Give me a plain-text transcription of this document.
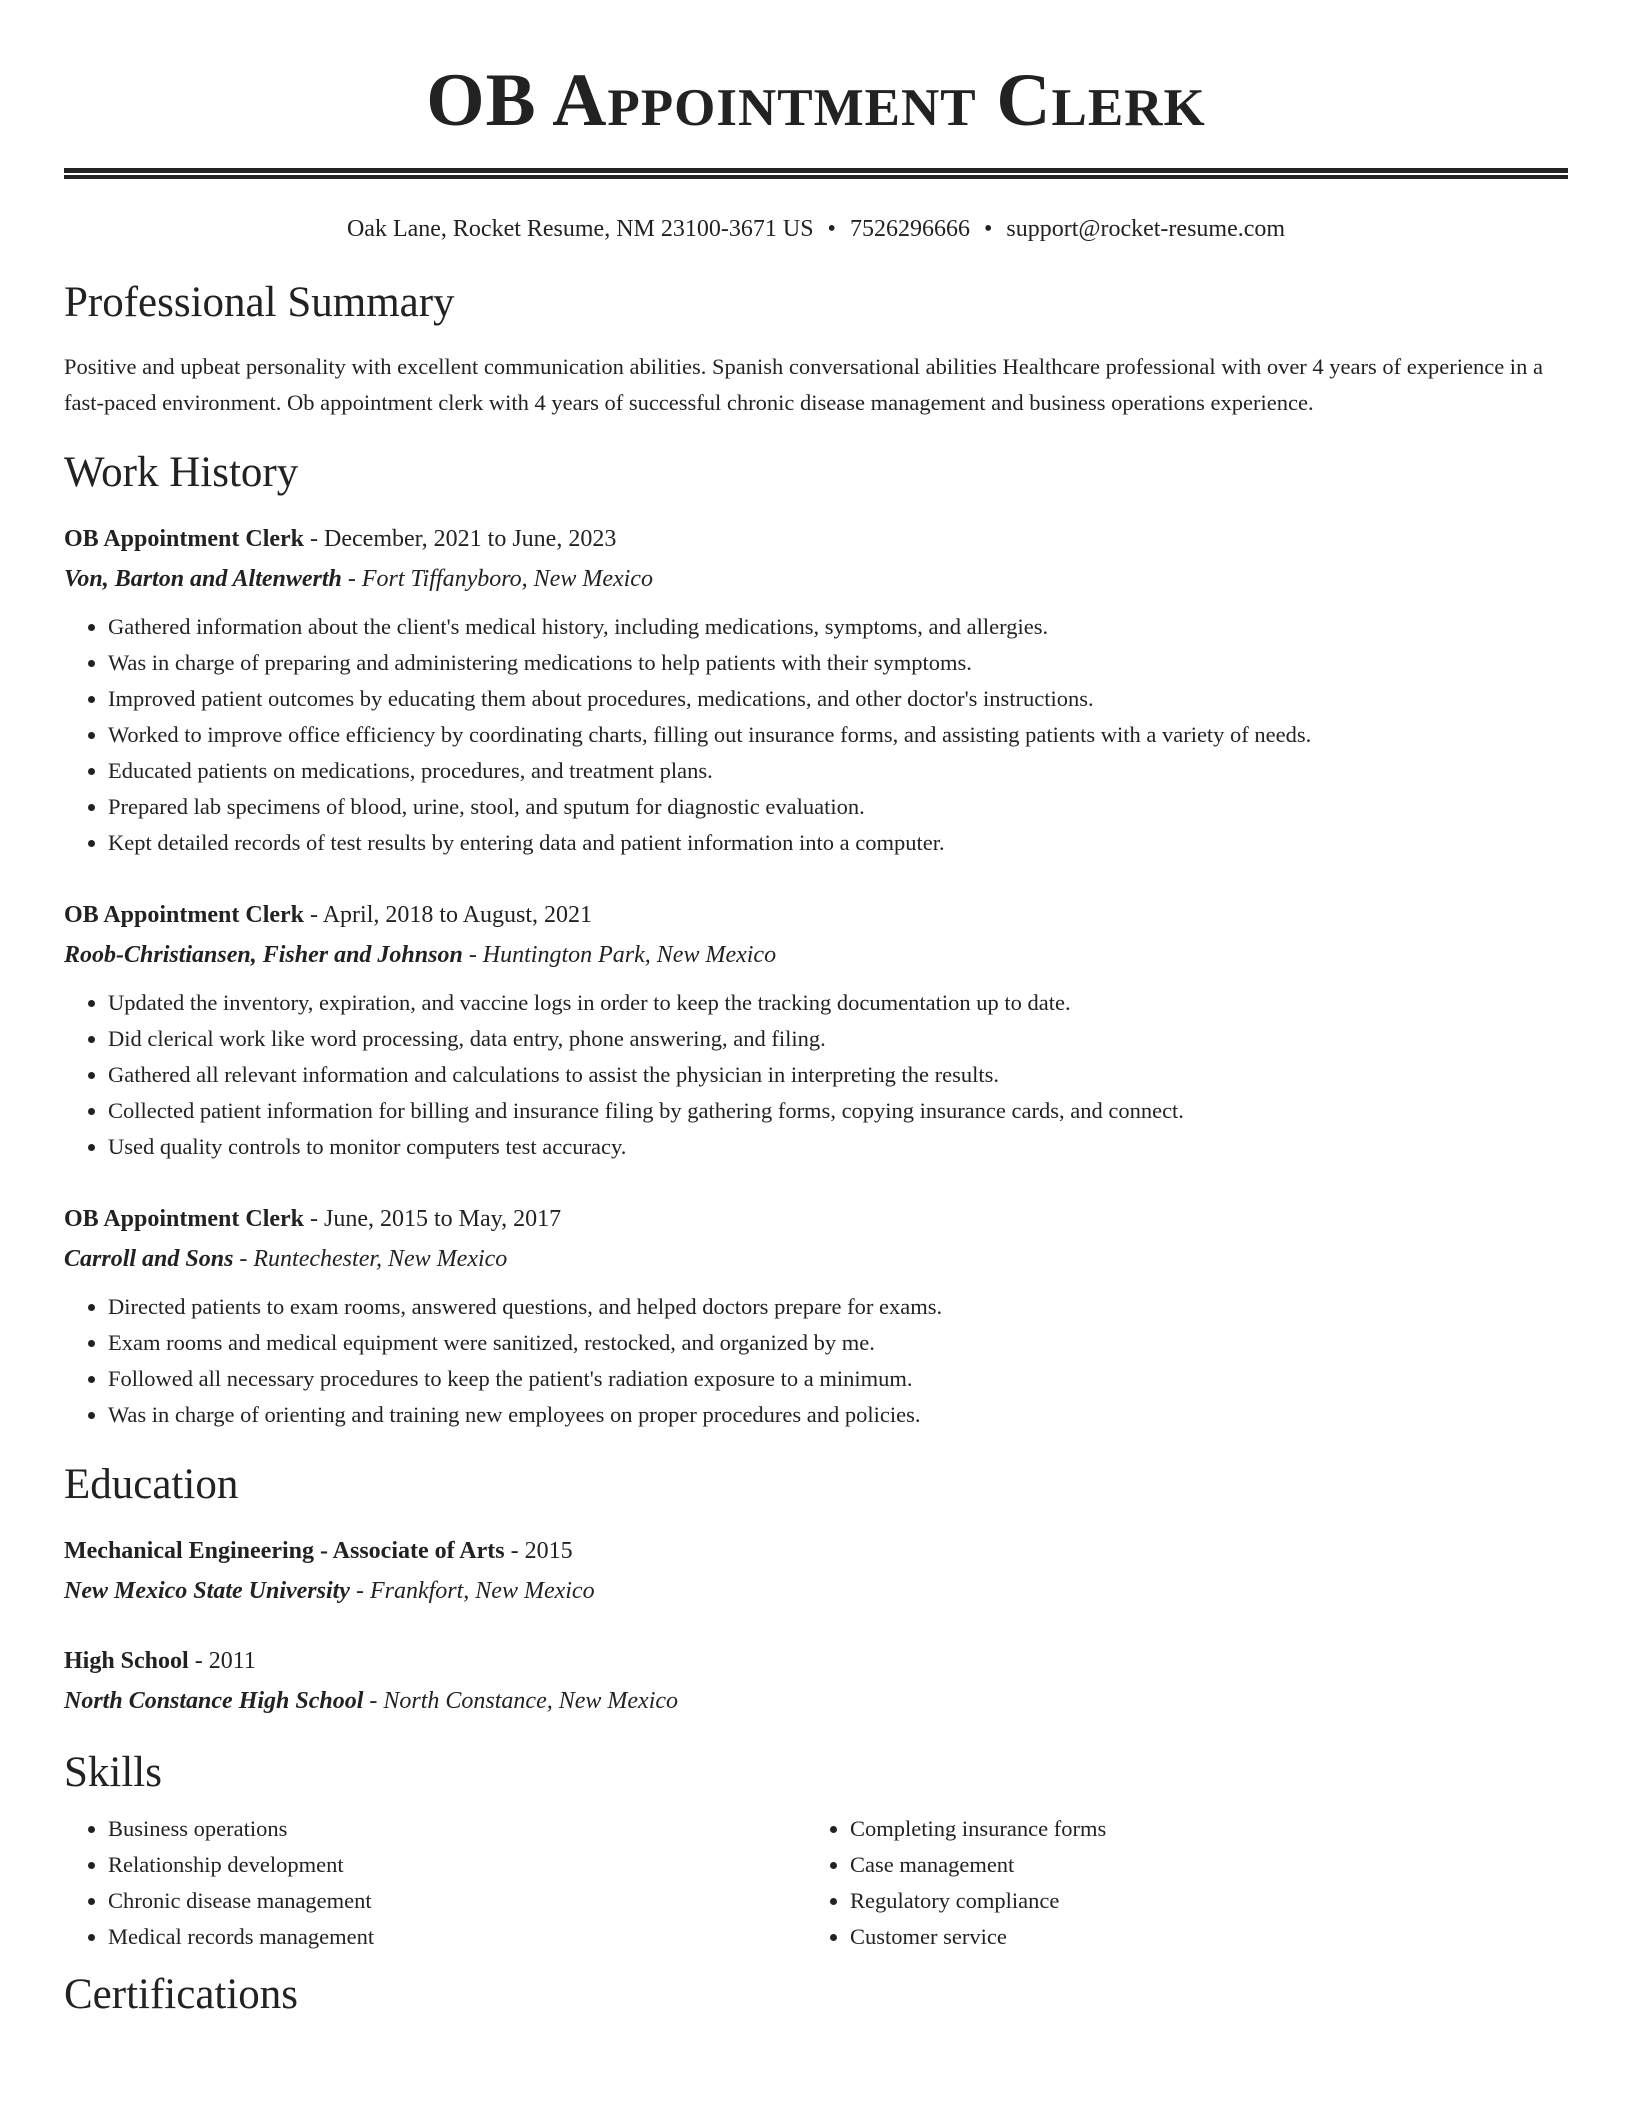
OB Appointment Clerk
Oak Lane, Rocket Resume, NM 23100-3671 US • 7526296666 • support@rocket-resume.com
Professional Summary
Positive and upbeat personality with excellent communication abilities. Spanish conversational abilities Healthcare professional with over 4 years of experience in a fast-paced environment. Ob appointment clerk with 4 years of successful chronic disease management and business operations experience.
Work History
OB Appointment Clerk - December, 2021 to June, 2023
Von, Barton and Altenwerth - Fort Tiffanyboro, New Mexico
• Gathered information about the client's medical history, including medications, symptoms, and allergies.
• Was in charge of preparing and administering medications to help patients with their symptoms.
• Improved patient outcomes by educating them about procedures, medications, and other doctor's instructions.
• Worked to improve office efficiency by coordinating charts, filling out insurance forms, and assisting patients with a variety of needs.
• Educated patients on medications, procedures, and treatment plans.
• Prepared lab specimens of blood, urine, stool, and sputum for diagnostic evaluation.
• Kept detailed records of test results by entering data and patient information into a computer.
OB Appointment Clerk - April, 2018 to August, 2021
Roob-Christiansen, Fisher and Johnson - Huntington Park, New Mexico
• Updated the inventory, expiration, and vaccine logs in order to keep the tracking documentation up to date.
• Did clerical work like word processing, data entry, phone answering, and filing.
• Gathered all relevant information and calculations to assist the physician in interpreting the results.
• Collected patient information for billing and insurance filing by gathering forms, copying insurance cards, and connect.
• Used quality controls to monitor computers test accuracy.
OB Appointment Clerk - June, 2015 to May, 2017
Carroll and Sons - Runtechester, New Mexico
• Directed patients to exam rooms, answered questions, and helped doctors prepare for exams.
• Exam rooms and medical equipment were sanitized, restocked, and organized by me.
• Followed all necessary procedures to keep the patient's radiation exposure to a minimum.
• Was in charge of orienting and training new employees on proper procedures and policies.
Education
Mechanical Engineering - Associate of Arts - 2015
New Mexico State University - Frankfort, New Mexico
High School - 2011
North Constance High School - North Constance, New Mexico
Skills
• Business operations
• Relationship development
• Chronic disease management
• Medical records management
• Completing insurance forms
• Case management
• Regulatory compliance
• Customer service
Certifications
